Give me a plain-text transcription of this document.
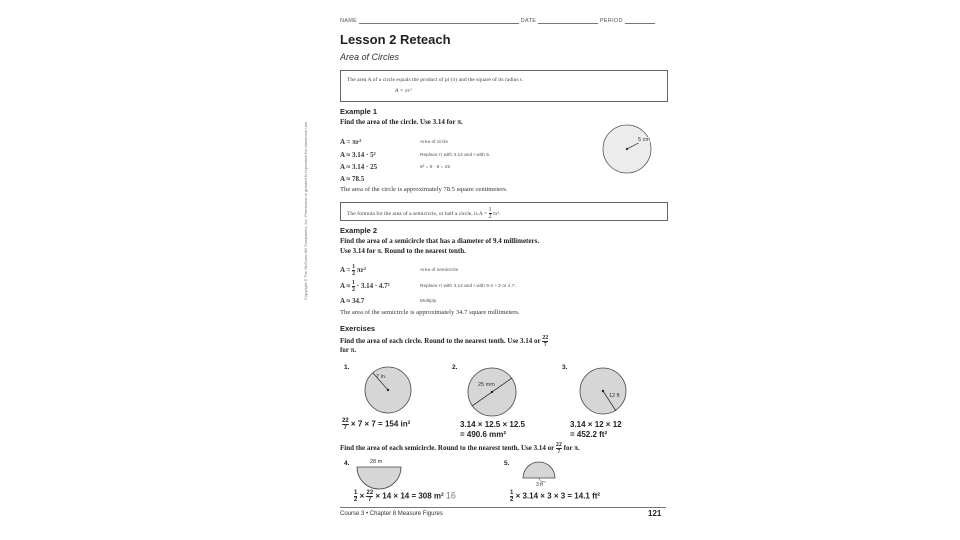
NAME	DATE	PERIOD
Lesson 2 Reteach
Area of Circles
The area A of a circle equals the product of pi (π) and the square of its radius r.
A = πr²
Example 1
Find the area of the circle. Use 3.14 for π.
A = πr²	Area of circle
A ≈ 3.14 · 5²	Replace π with 3.14 and r with 5.
A ≈ 3.14 · 25	5² = 5 · 5 = 25
A ≈ 78.5
The area of the circle is approximately 78.5 square centimeters.
5 cm
The formula for the area of a semicircle, or half a circle, is $A = \frac{1}{2} \pi r^2$.
Example 2
Find the area of a semicircle that has a diameter of 9.4 millimeters.
Use 3.14 for π. Round to the nearest tenth.
$A = \frac{1}{2} \pi r^2$	Area of semicircle
$A \approx \frac{1}{2} \cdot 3.14 \cdot 4.7^2$	Replace π with 3.14 and r with 9.4 ÷ 2 or 4.7.
A ≈ 34.7	Multiply.
The area of the semicircle is approximately 34.7 square millimeters.
Exercises
Find the area of each circle. Round to the nearest tenth. Use 3.14 or $\frac{22}{7}$
for π.
1.
7 in.
$\frac{22}{7} \times 7 \times 7 = 154$ in²
2.
25 mm
3.14 × 12.5 × 12.5
= 490.6 mm²
3.
12 ft
3.14 × 12 × 12
= 452.2 ft²
Find the area of each semicircle. Round to the nearest tenth. Use 3.14 or $\frac{22}{7}$ for π.
4.	28 m
$\frac{1}{2} \times \frac{22}{7} \times 14 \times 14 = 308$ m² 16
5.
3 ft
$\frac{1}{2} \times 3.14 \times 3 \times 3 = 14.1$ ft²
Course 3 • Chapter 8 Measure Figures	121
Copyright © The McGraw-Hill Companies, Inc. Permission is granted to reproduce for classroom use.
